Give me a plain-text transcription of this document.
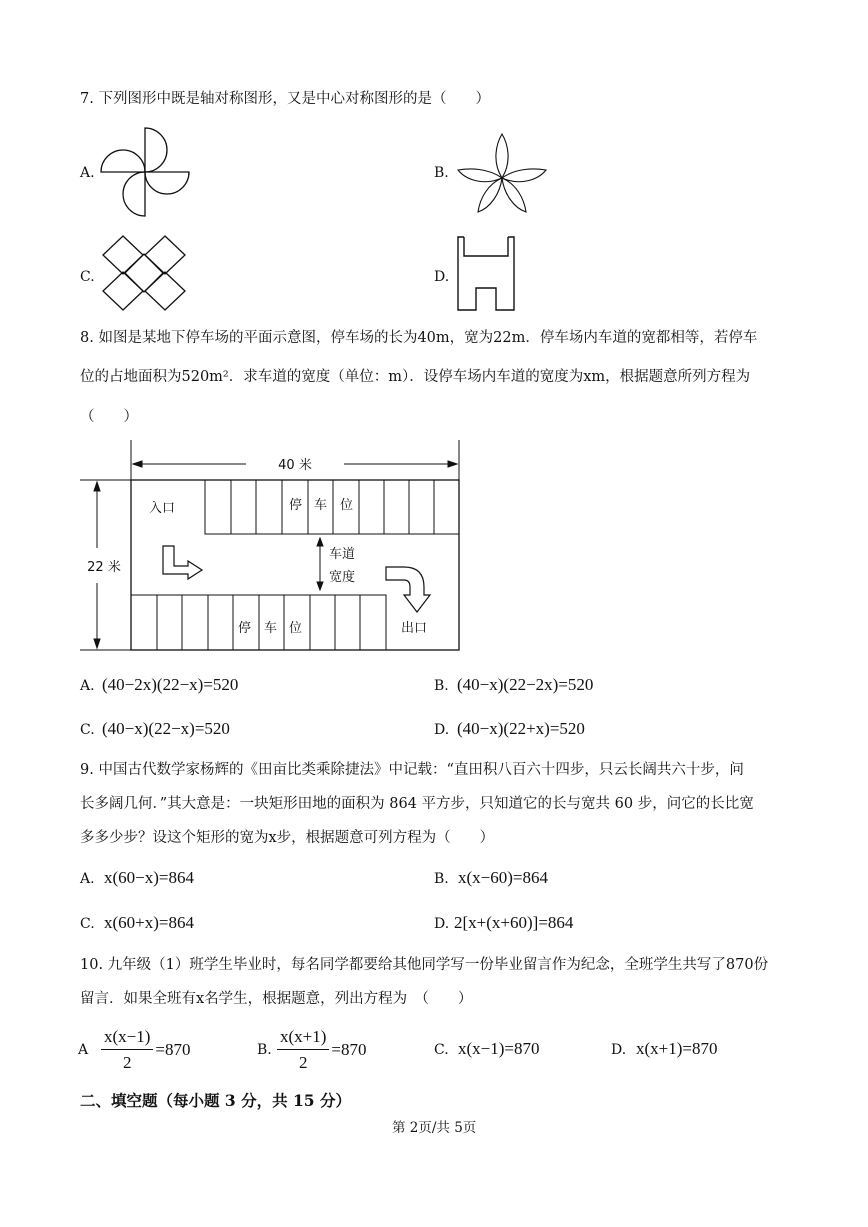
7. 下列图形中既是轴对称图形，又是中心对称图形的是（　　）
A.	B.
C.	D.
8. 如图是某地下停车场的平面示意图，停车场的长为40m，宽为22m．停车场内车道的宽都相等，若停车
位的占地面积为520m²．求车道的宽度（单位：m）．设停车场内车道的宽度为xm，根据题意所列方程为
（　　）
40 米
22 米
入口
出口
停 车 位
停 车 位
车道
宽度
A. (40−2x)(22−x)=520	B. (40−x)(22−2x)=520
C. (40−x)(22−x)=520	D. (40−x)(22+x)=520
9. 中国古代数学家杨辉的《田亩比类乘除捷法》中记载：“直田积八百六十四步，只云长阔共六十步，问
长多阔几何．”其大意是：一块矩形田地的面积为 864 平方步，只知道它的长与宽共 60 步，问它的长比宽
多多少步？设这个矩形的宽为x步，根据题意可列方程为（　　）
A. x(60−x)=864	B. x(x−60)=864
C. x(60+x)=864	D. 2[x+(x+60)]=864
10. 九年级（1）班学生毕业时，每名同学都要给其他同学写一份毕业留言作为纪念，全班学生共写了870份
留言．如果全班有x名学生，根据题意，列出方程为　（　　）
A $\frac{x(x-1)}{2} =870$	B. $\frac{x(x+1)}{2} =870$	C. x(x−1)=870	D. x(x+1)=870
二、填空题（每小题 3 分，共 15 分）
第 2页/共 5页
